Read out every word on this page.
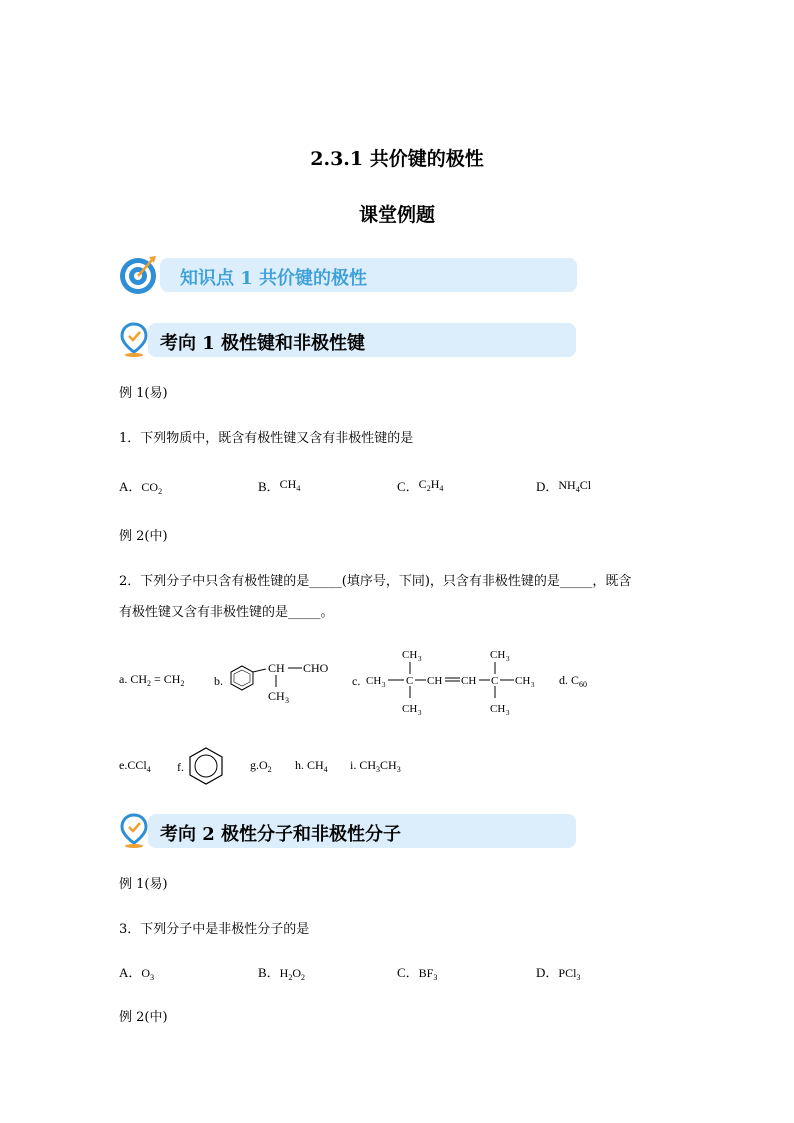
2.3.1 共价键的极性
课堂例题
知识点 1 共价键的极性
考向 1 极性键和非极性键
例 1(易)
1．下列物质中，既含有极性键又含有非极性键的是
A．$CO_2$	B．$CH_4$	C．$C_2H_4$	D．$NH_4Cl$
例 2(中)
2．下列分子中只含有极性键的是_____(填序号，下同)，只含有非极性键的是_____，既含
有极性键又含有非极性键的是_____。
a. $CH_2 = CH_2$ b.
CH CHO
CH 3
c.
CH 3
CH 3 C CH CH C CH 3
CH 3
CH 3	CH 3
d. $C_{60}$
e.CCl$_4$ f.	$g.O_2$ h. $CH_4$ i. $CH_3CH_3$
考向 2 极性分子和非极性分子
例 1(易)
3．下列分子中是非极性分子的是
A．$O_3$	B．$H_2O_2$	C．$BF_3$	D．PCl$_3$
例 2(中)
